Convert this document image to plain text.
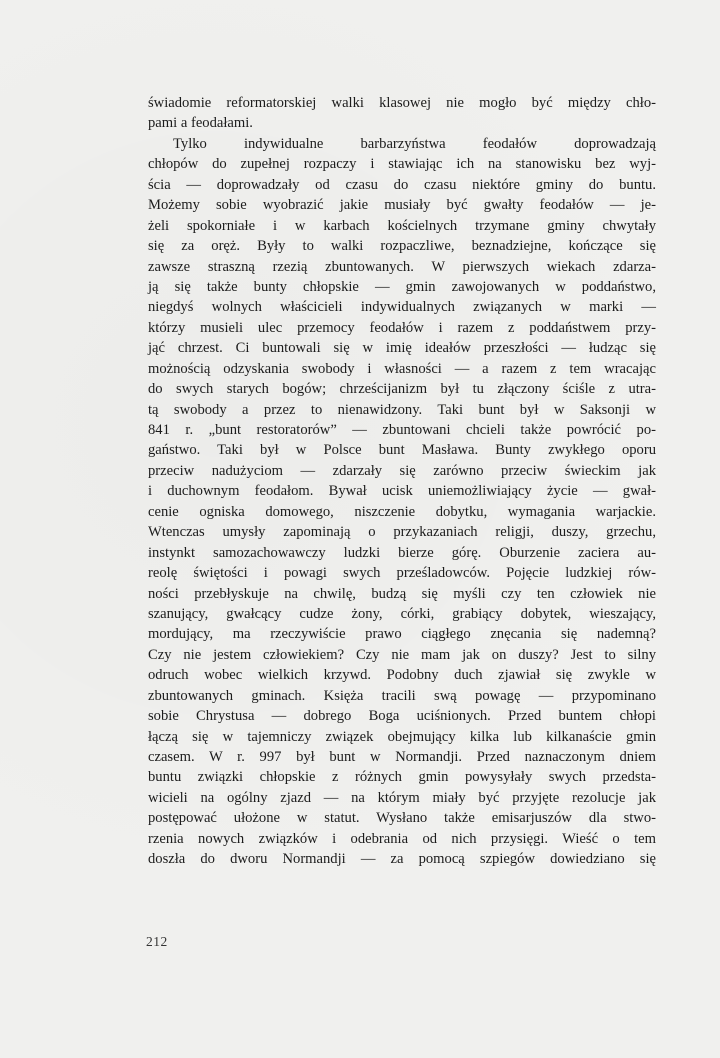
świadomie reformatorskiej walki klasowej nie mogło być między chło-
pami a feodałami.
Tylko indywidualne barbarzyństwa feodałów doprowadzają
chłopów do zupełnej rozpaczy i stawiając ich na stanowisku bez wyj-
ścia — doprowadzały od czasu do czasu niektóre gminy do buntu.
Możemy sobie wyobrazić jakie musiały być gwałty feodałów — je-
żeli spokorniałe i w karbach kościelnych trzymane gminy chwytały
się za oręż. Były to walki rozpaczliwe, beznadziejne, kończące się
zawsze straszną rzezią zbuntowanych. W pierwszych wiekach zdarza-
ją się także bunty chłopskie — gmin zawojowanych w poddaństwo,
niegdyś wolnych właścicieli indywidualnych związanych w marki —
którzy musieli ulec przemocy feodałów i razem z poddaństwem przy-
jąć chrzest. Ci buntowali się w imię ideałów przeszłości — łudząc się
możnością odzyskania swobody i własności — a razem z tem wracając
do swych starych bogów; chrześcijanizm był tu złączony ściśle z utra-
tą swobody a przez to nienawidzony. Taki bunt był w Saksonji w
841 r. „bunt restoratorów” — zbuntowani chcieli także powrócić po-
gaństwo. Taki był w Polsce bunt Masława. Bunty zwykłego oporu
przeciw nadużyciom — zdarzały się zarówno przeciw świeckim jak
i duchownym feodałom. Bywał ucisk uniemożliwiający życie — gwał-
cenie ogniska domowego, niszczenie dobytku, wymagania warjackie.
Wtenczas umysły zapominają o przykazaniach religji, duszy, grzechu,
instynkt samozachowawczy ludzki bierze górę. Oburzenie zaciera au-
reolę świętości i powagi swych prześladowców. Pojęcie ludzkiej rów-
ności przebłyskuje na chwilę, budzą się myśli czy ten człowiek nie
szanujący, gwałcący cudze żony, córki, grabiący dobytek, wieszający,
mordujący, ma rzeczywiście prawo ciągłego znęcania się nademną?
Czy nie jestem człowiekiem? Czy nie mam jak on duszy? Jest to silny
odruch wobec wielkich krzywd. Podobny duch zjawiał się zwykle w
zbuntowanych gminach. Księża tracili swą powagę — przypominano
sobie Chrystusa — dobrego Boga uciśnionych. Przed buntem chłopi
łączą się w tajemniczy związek obejmujący kilka lub kilkanaście gmin
czasem. W r. 997 był bunt w Normandji. Przed naznaczonym dniem
buntu związki chłopskie z różnych gmin powysyłały swych przedsta-
wicieli na ogólny zjazd — na którym miały być przyjęte rezolucje jak
postępować ułożone w statut. Wysłano także emisarjuszów dla stwo-
rzenia nowych związków i odebrania od nich przysięgi. Wieść o tem
doszła do dworu Normandji — za pomocą szpiegów dowiedziano się
212
